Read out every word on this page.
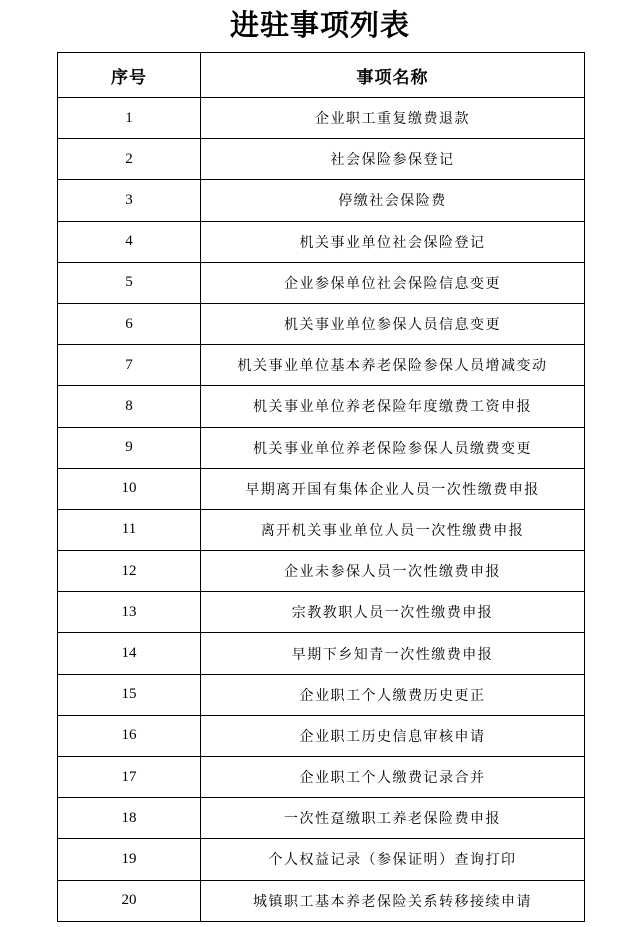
进驻事项列表
序号	事项名称
1	企业职工重复缴费退款
2	社会保险参保登记
3	停缴社会保险费
4	机关事业单位社会保险登记
5	企业参保单位社会保险信息变更
6	机关事业单位参保人员信息变更
7	机关事业单位基本养老保险参保人员增减变动
8	机关事业单位养老保险年度缴费工资申报
9	机关事业单位养老保险参保人员缴费变更
10	早期离开国有集体企业人员一次性缴费申报
11	离开机关事业单位人员一次性缴费申报
12	企业未参保人员一次性缴费申报
13	宗教教职人员一次性缴费申报
14	早期下乡知青一次性缴费申报
15	企业职工个人缴费历史更正
16	企业职工历史信息审核申请
17	企业职工个人缴费记录合并
18	一次性趸缴职工养老保险费申报
19	个人权益记录（参保证明）查询打印
20	城镇职工基本养老保险关系转移接续申请
